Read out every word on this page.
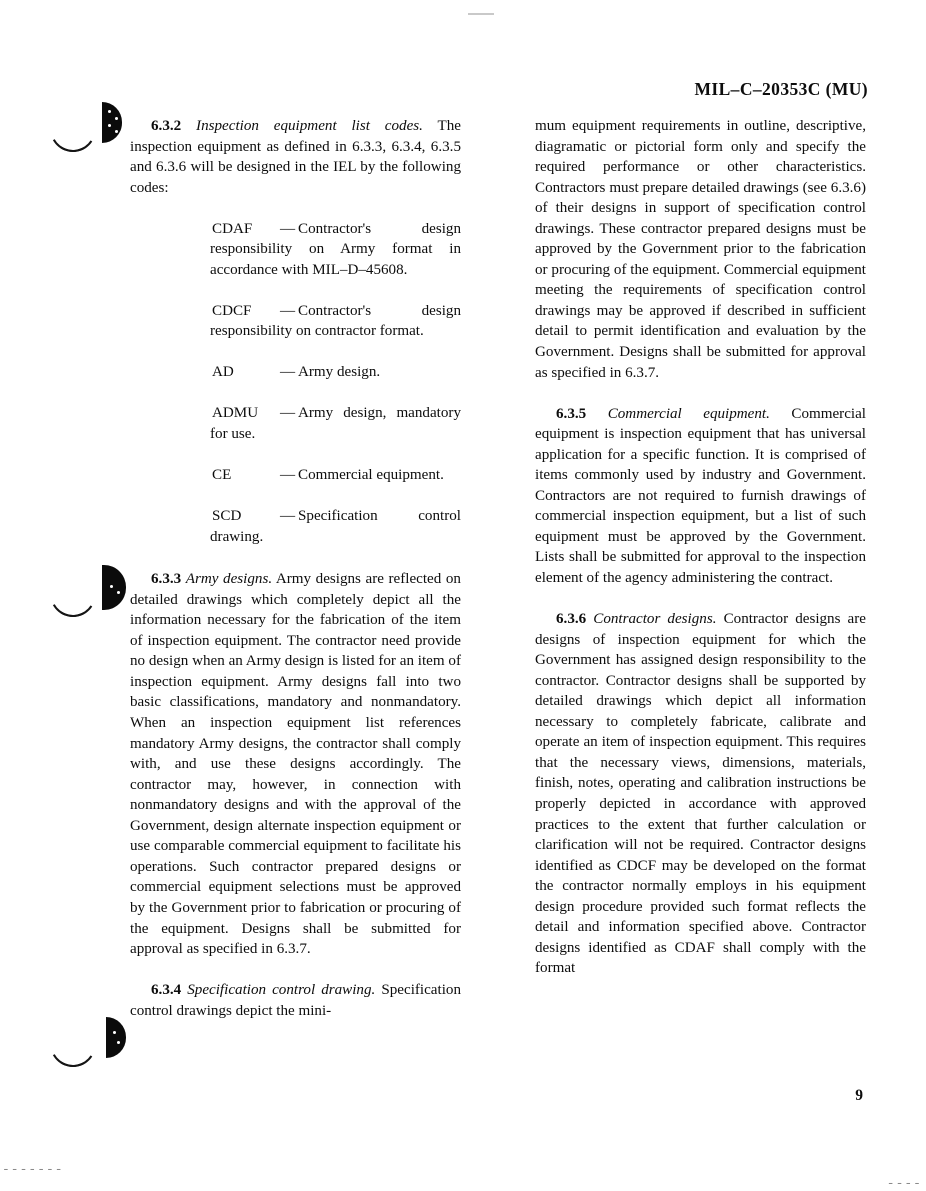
MIL–C–20353C (MU)

6.3.2 Inspection equipment list codes. The inspection equipment as defined in 6.3.3, 6.3.4, 6.3.5 and 6.3.6 will be designed in the IEL by the following codes:

CDAF — Contractor's design responsibility on Army format in accordance with MIL–D–45608.
CDCF — Contractor's design responsibility on contractor format.
AD	— Army design.
ADMU — Army design, mandatory for use.
CE	— Commercial equipment.
SCD	— Specification control drawing.

6.3.3 Army designs. Army designs are reflected on detailed drawings which completely depict all the information necessary for the fabrication of the item of inspection equipment. The contractor need provide no design when an Army design is listed for an item of inspection equipment. Army designs fall into two basic classifications, mandatory and nonmandatory. When an inspection equipment list references mandatory Army designs, the contractor shall comply with, and use these designs accordingly. The contractor may, however, in connection with nonmandatory designs and with the approval of the Government, design alternate inspection equipment or use comparable commercial equipment to facilitate his operations. Such contractor prepared designs or commercial equipment selections must be approved by the Government prior to fabrication or procuring of the equipment. Designs shall be submitted for approval as specified in 6.3.7.

6.3.4 Specification control drawing. Specification control drawings depict the mini-

mum equipment requirements in outline, descriptive, diagramatic or pictorial form only and specify the required performance or other characteristics. Contractors must prepare detailed drawings (see 6.3.6) of their designs in support of specification control drawings. These contractor prepared designs must be approved by the Government prior to the fabrication or procuring of the equipment. Commercial equipment meeting the requirements of specification control drawings may be approved if described in sufficient detail to permit identification and evaluation by the Government. Designs shall be submitted for approval as specified in 6.3.7.

6.3.5 Commercial equipment. Commercial equipment is inspection equipment that has universal application for a specific function. It is comprised of items commonly used by industry and Government. Contractors are not required to furnish drawings of commercial inspection equipment, but a list of such equipment must be approved by the Government. Lists shall be submitted for approval to the inspection element of the agency administering the contract.

6.3.6 Contractor designs. Contractor designs are designs of inspection equipment for which the Government has assigned design responsibility to the contractor. Contractor designs shall be supported by detailed drawings which depict all information necessary to completely fabricate, calibrate and operate an item of inspection equipment. This requires that the necessary views, dimensions, materials, finish, notes, operating and calibration instructions be properly depicted in accordance with approved practices to the extent that further calculation or clarification will not be required. Contractor designs identified as CDCF may be developed on the format the contractor normally employs in his equipment design procedure provided such format reflects the detail and information specified above. Contractor designs identified as CDAF shall comply with the format

9
-------
----
